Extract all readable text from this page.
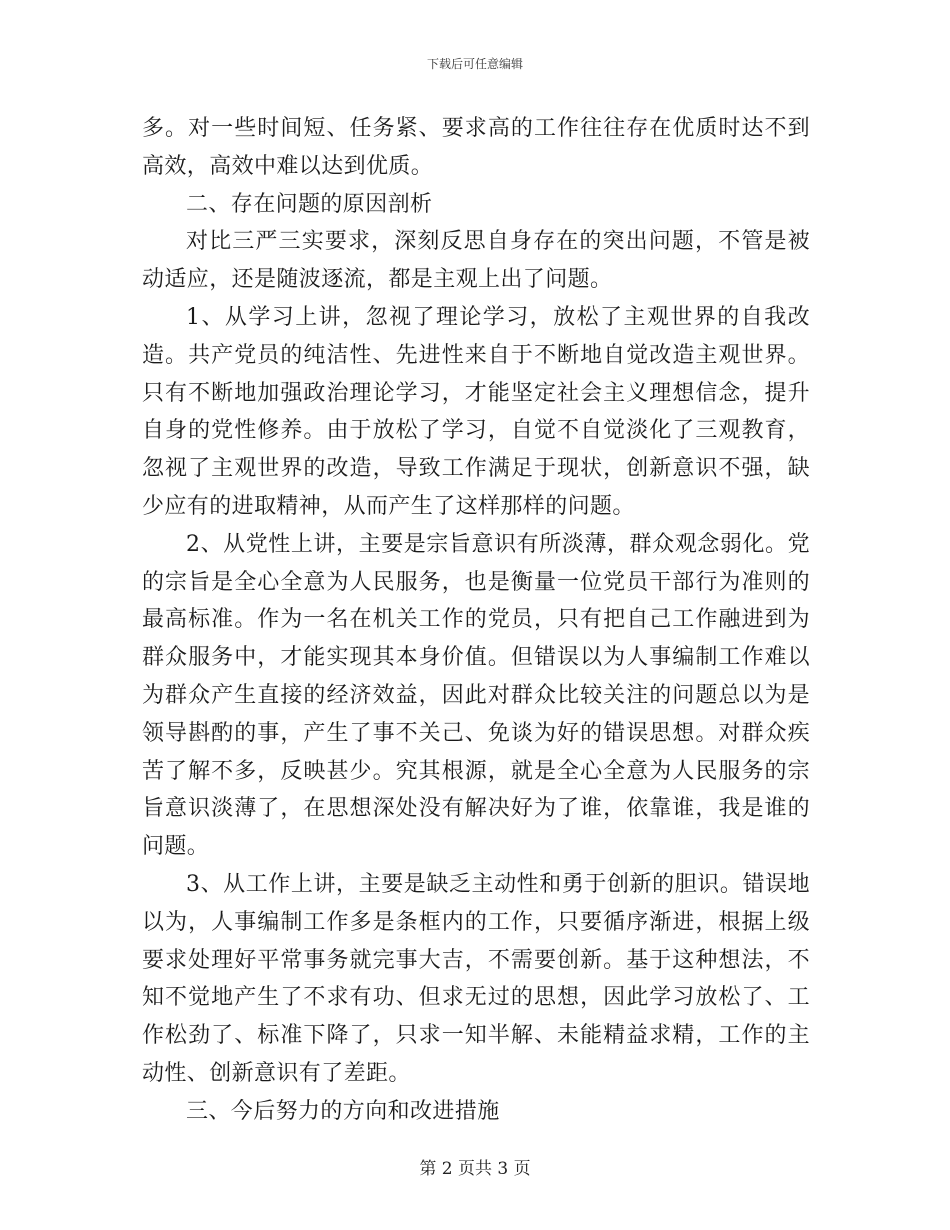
下载后可任意编辑

多。对一些时间短、任务紧、要求高的工作往往存在优质时达不到高效，高效中难以达到优质。

二、存在问题的原因剖析

对比三严三实要求，深刻反思自身存在的突出问题，不管是被动适应，还是随波逐流，都是主观上出了问题。

1、从学习上讲，忽视了理论学习，放松了主观世界的自我改造。共产党员的纯洁性、先进性来自于不断地自觉改造主观世界。只有不断地加强政治理论学习，才能坚定社会主义理想信念，提升自身的党性修养。由于放松了学习，自觉不自觉淡化了三观教育，忽视了主观世界的改造，导致工作满足于现状，创新意识不强，缺少应有的进取精神，从而产生了这样那样的问题。

2、从党性上讲，主要是宗旨意识有所淡薄，群众观念弱化。党的宗旨是全心全意为人民服务，也是衡量一位党员干部行为准则的最高标准。作为一名在机关工作的党员，只有把自己工作融进到为群众服务中，才能实现其本身价值。但错误以为人事编制工作难以为群众产生直接的经济效益，因此对群众比较关注的问题总以为是领导斟酌的事，产生了事不关己、免谈为好的错误思想。对群众疾苦了解不多，反映甚少。究其根源，就是全心全意为人民服务的宗旨意识淡薄了，在思想深处没有解决好为了谁，依靠谁，我是谁的问题。

3、从工作上讲，主要是缺乏主动性和勇于创新的胆识。错误地以为，人事编制工作多是条框内的工作，只要循序渐进，根据上级要求处理好平常事务就完事大吉，不需要创新。基于这种想法，不知不觉地产生了不求有功、但求无过的思想，因此学习放松了、工作松劲了、标准下降了，只求一知半解、未能精益求精，工作的主动性、创新意识有了差距。

三、今后努力的方向和改进措施

第 2 页共 3 页
